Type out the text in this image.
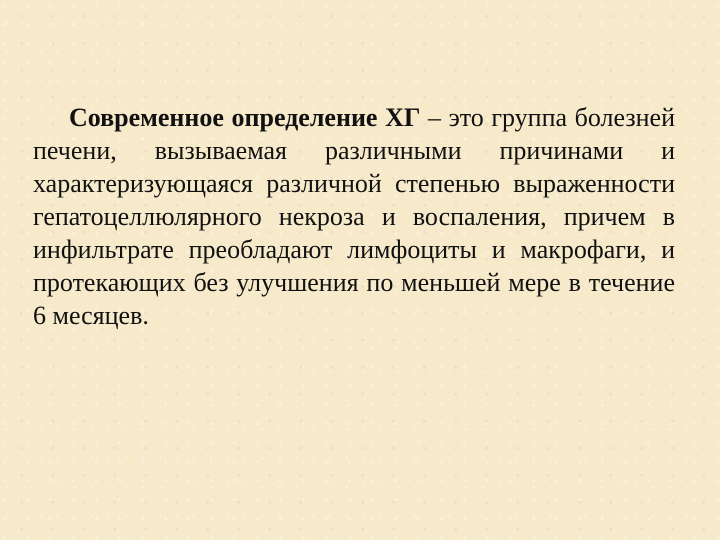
Современное определение ХГ – это группа болезней печени, вызываемая различными причинами и характеризующаяся различной степенью выраженности гепатоцеллюлярного некроза и воспаления, причем в инфильтрате преобладают лимфоциты и макрофаги, и протекающих без улучшения по меньшей мере в течение 6 месяцев.
